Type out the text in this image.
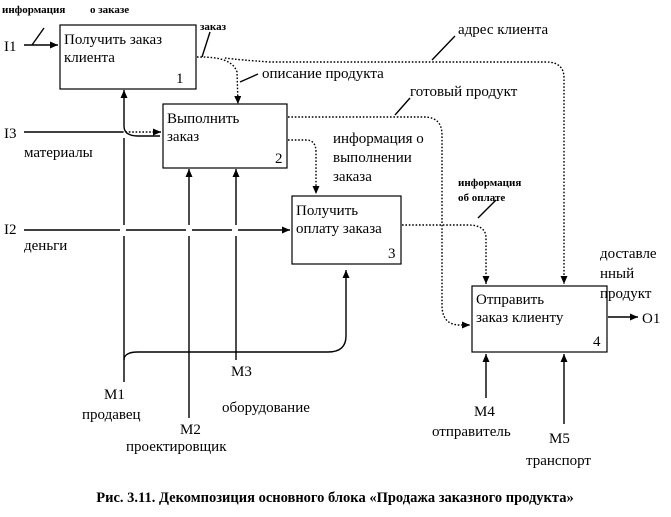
Получить заказ
клиента
1
Выполнить
заказ
2
Получить
оплату заказа
3
Отправить
заказ клиенту
4
информация о заказе
I1
заказ	адрес клиента
описание продукта
готовый продукт
информация о
выполнении
заказа	информация
об оплате
I3
материалы
I2
деньги	доставле
нный
продукт
O1
M1
продавец
M2
проектировщик
M3
оборудование	M4
отправитель	M5
транспорт
Рис. 3.11. Декомпозиция основного блока «Продажа заказного продукта»
